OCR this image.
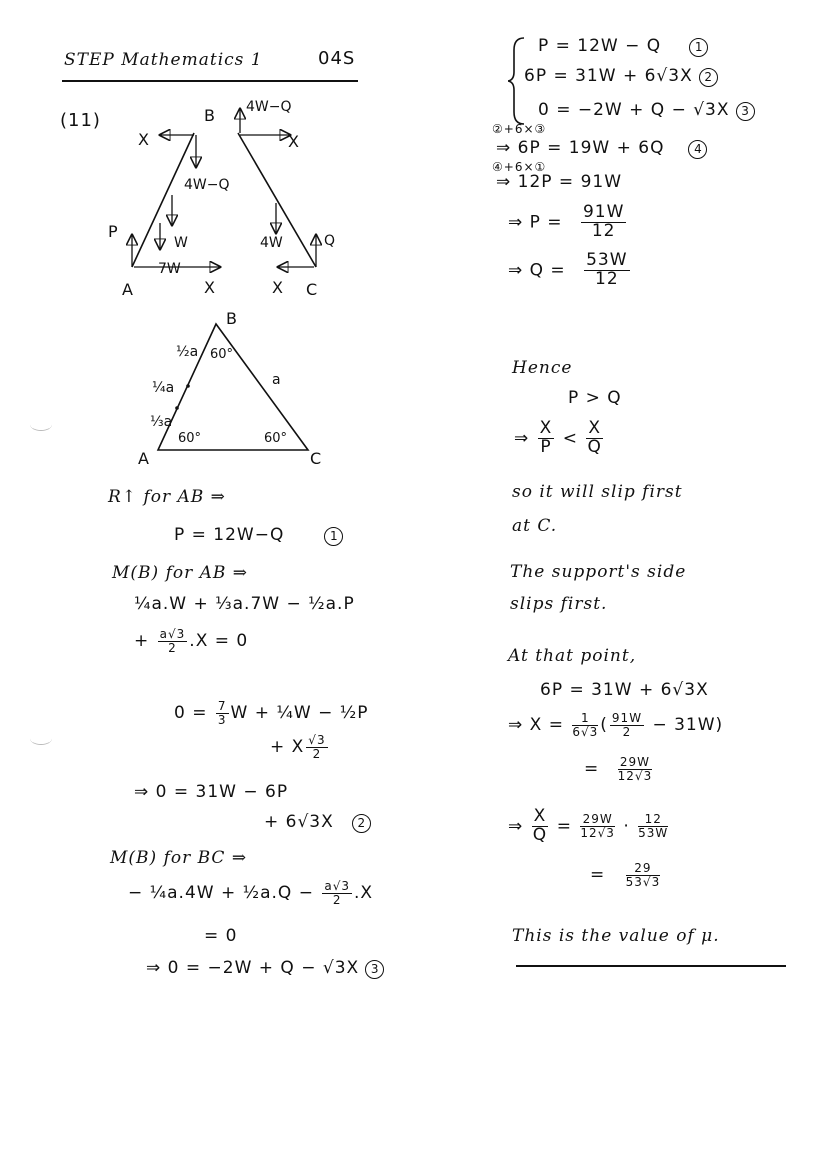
STEP Mathematics 1	04S
(11)	B 4W−Q
X	X
4W−Q
W
P
7W
4W	Q
A	X	X C
B
60°
½a
a
¼a
⅓a
60°	60°
A	C
R↑ for AB ⇒
P = 12W−Q	1
M(B) for AB ⇒
¼a.W + ⅓a.7W − ½a.P
+ $\frac{a√3}{2} .X = 0$
$0 = \frac{7}{3}$ W + ¼W − ½P
+ X $\frac{√3}{2}$
⇒ 0 = 31W − 6P
+ 6√3X 2
M(B) for BC ⇒
− ¼a.4W + ½a.Q − $\frac{a√3}{2} .X$
= 0
⇒ 0 = −2W + Q − √3X 3
P = 12W − Q	1
6P = 31W + 6√3X 2
0 = −2W + Q − √3X 3
②+6×③
⇒ 6P = 19W + 6Q 4
④+6×①
⇒ 12P = 91W
⇒ $P = \frac{91W}{12}$
⇒ $Q = \frac{53W}{12}$
Hence
P > Q
⇒ $\frac{X}{P} < \frac{X}{Q}$
so it will slip first
at C.
The support's side
slips first.
At that point,
6P = 31W + 6√3X
⇒ $X = \frac{1}{6√3}$ ( $\frac{91W}{2} - 31W$)
= $\frac{29W}{12√3}$
⇒ $\frac{X}{Q} = \frac{29W}{12√3} \cdot \frac{12}{53W}$
= $\frac{29}{53√3}$
This is the value of μ.
